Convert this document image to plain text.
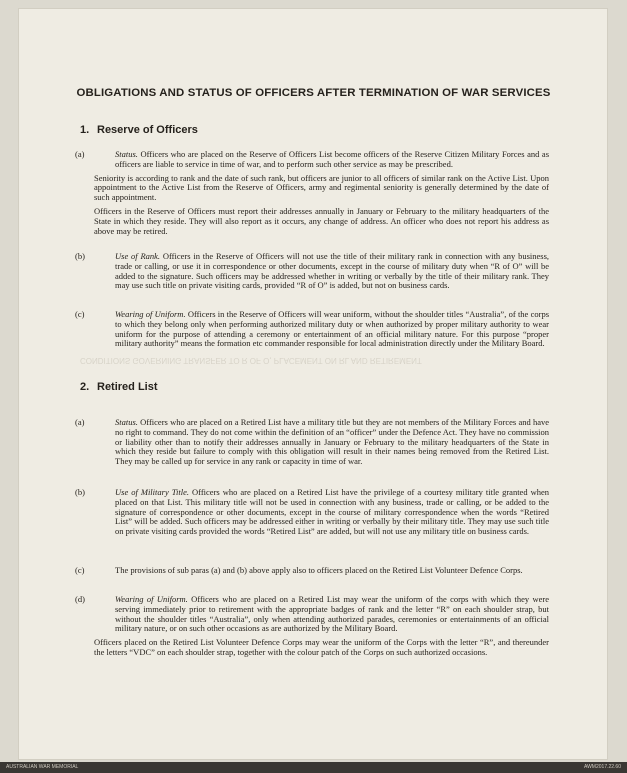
CONDITIONS GOVERNING TRANSFER TO R OF O, PLACEMENT ON RL AND RETIREMENT
OBLIGATIONS AND STATUS OF OFFICERS AFTER TERMINATION OF WAR SERVICES
1. Reserve of Officers
(a)	Status. Officers who are placed on the Reserve of Officers List become officers of the Reserve Citizen Military Forces and as officers are liable to service in time of war, and to perform such other service as may be prescribed.

Seniority is according to rank and the date of such rank, but officers are junior to all officers of similar rank on the Active List. Upon appointment to the Active List from the Reserve of Officers, army and regimental seniority is generally determined by the date of such appointment.

Officers in the Reserve of Officers must report their addresses annually in January or February to the military headquarters of the State in which they reside. They will also report as it occurs, any change of address. An officer who does not report his address as above may be retired.

(b)	Use of Rank. Officers in the Reserve of Officers will not use the title of their military rank in connection with any business, trade or calling, or use it in correspondence or other documents, except in the course of military duty when “R of O” will be added to the signature. Such officers may be addressed whether in writing or verbally by the title of their military rank. They may use such title on private visiting cards, provided “R of O” is added, but not on business cards.

(c)	Wearing of Uniform. Officers in the Reserve of Officers will wear uniform, without the shoulder titles “Australia”, of the corps to which they belong only when performing authorized military duty or when authorized by proper military authority to wear uniform for the purpose of attending a ceremony or entertainment of an official military nature. For this purpose “proper military authority” means the formation etc commander responsible for local administration directly under the Military Board.

2. Retired List
(a)	Status. Officers who are placed on a Retired List have a military title but they are not members of the Military Forces and have no right to command. They do not come within the definition of an “officer” under the Defence Act. They have no commission or liability other than to notify their addresses annually in January or February to the military headquarters of the State in which they reside but failure to comply with this obligation will result in their names being removed from the Retired List. They may be called up for service in any rank or capacity in time of war.

(b)	Use of Military Title. Officers who are placed on a Retired List have the privilege of a courtesy military title granted when placed on that List. This military title will not be used in connection with any business, trade or calling, or be added to the signature of correspondence or other documents, except in the course of military correspondence when the words “Retired List” will be added. Such officers may be addressed either in writing or verbally by their military title. They may use such title on private visiting cards provided the words “Retired List” are added, but will not use any military title on business cards.

(c)	The provisions of sub paras (a) and (b) above apply also to officers placed on the Retired List Volunteer Defence Corps.

(d)	Wearing of Uniform. Officers who are placed on a Retired List may wear the uniform of the corps with which they were serving immediately prior to retirement with the appropriate badges of rank and the letter “R” on each shoulder strap, but without the shoulder titles “Australia”, only when attending authorized parades, ceremonies or entertainments of an official military nature, or on such other occasions as are authorized by the Military Board.

Officers placed on the Retired List Volunteer Defence Corps may wear the uniform of the Corps with the letter “R”, and thereunder the letters “VDC” on each shoulder strap, together with the colour patch of the Corps on such authorized occasions.

AUSTRALIAN WAR MEMORIAL	AWM2017.22.60
